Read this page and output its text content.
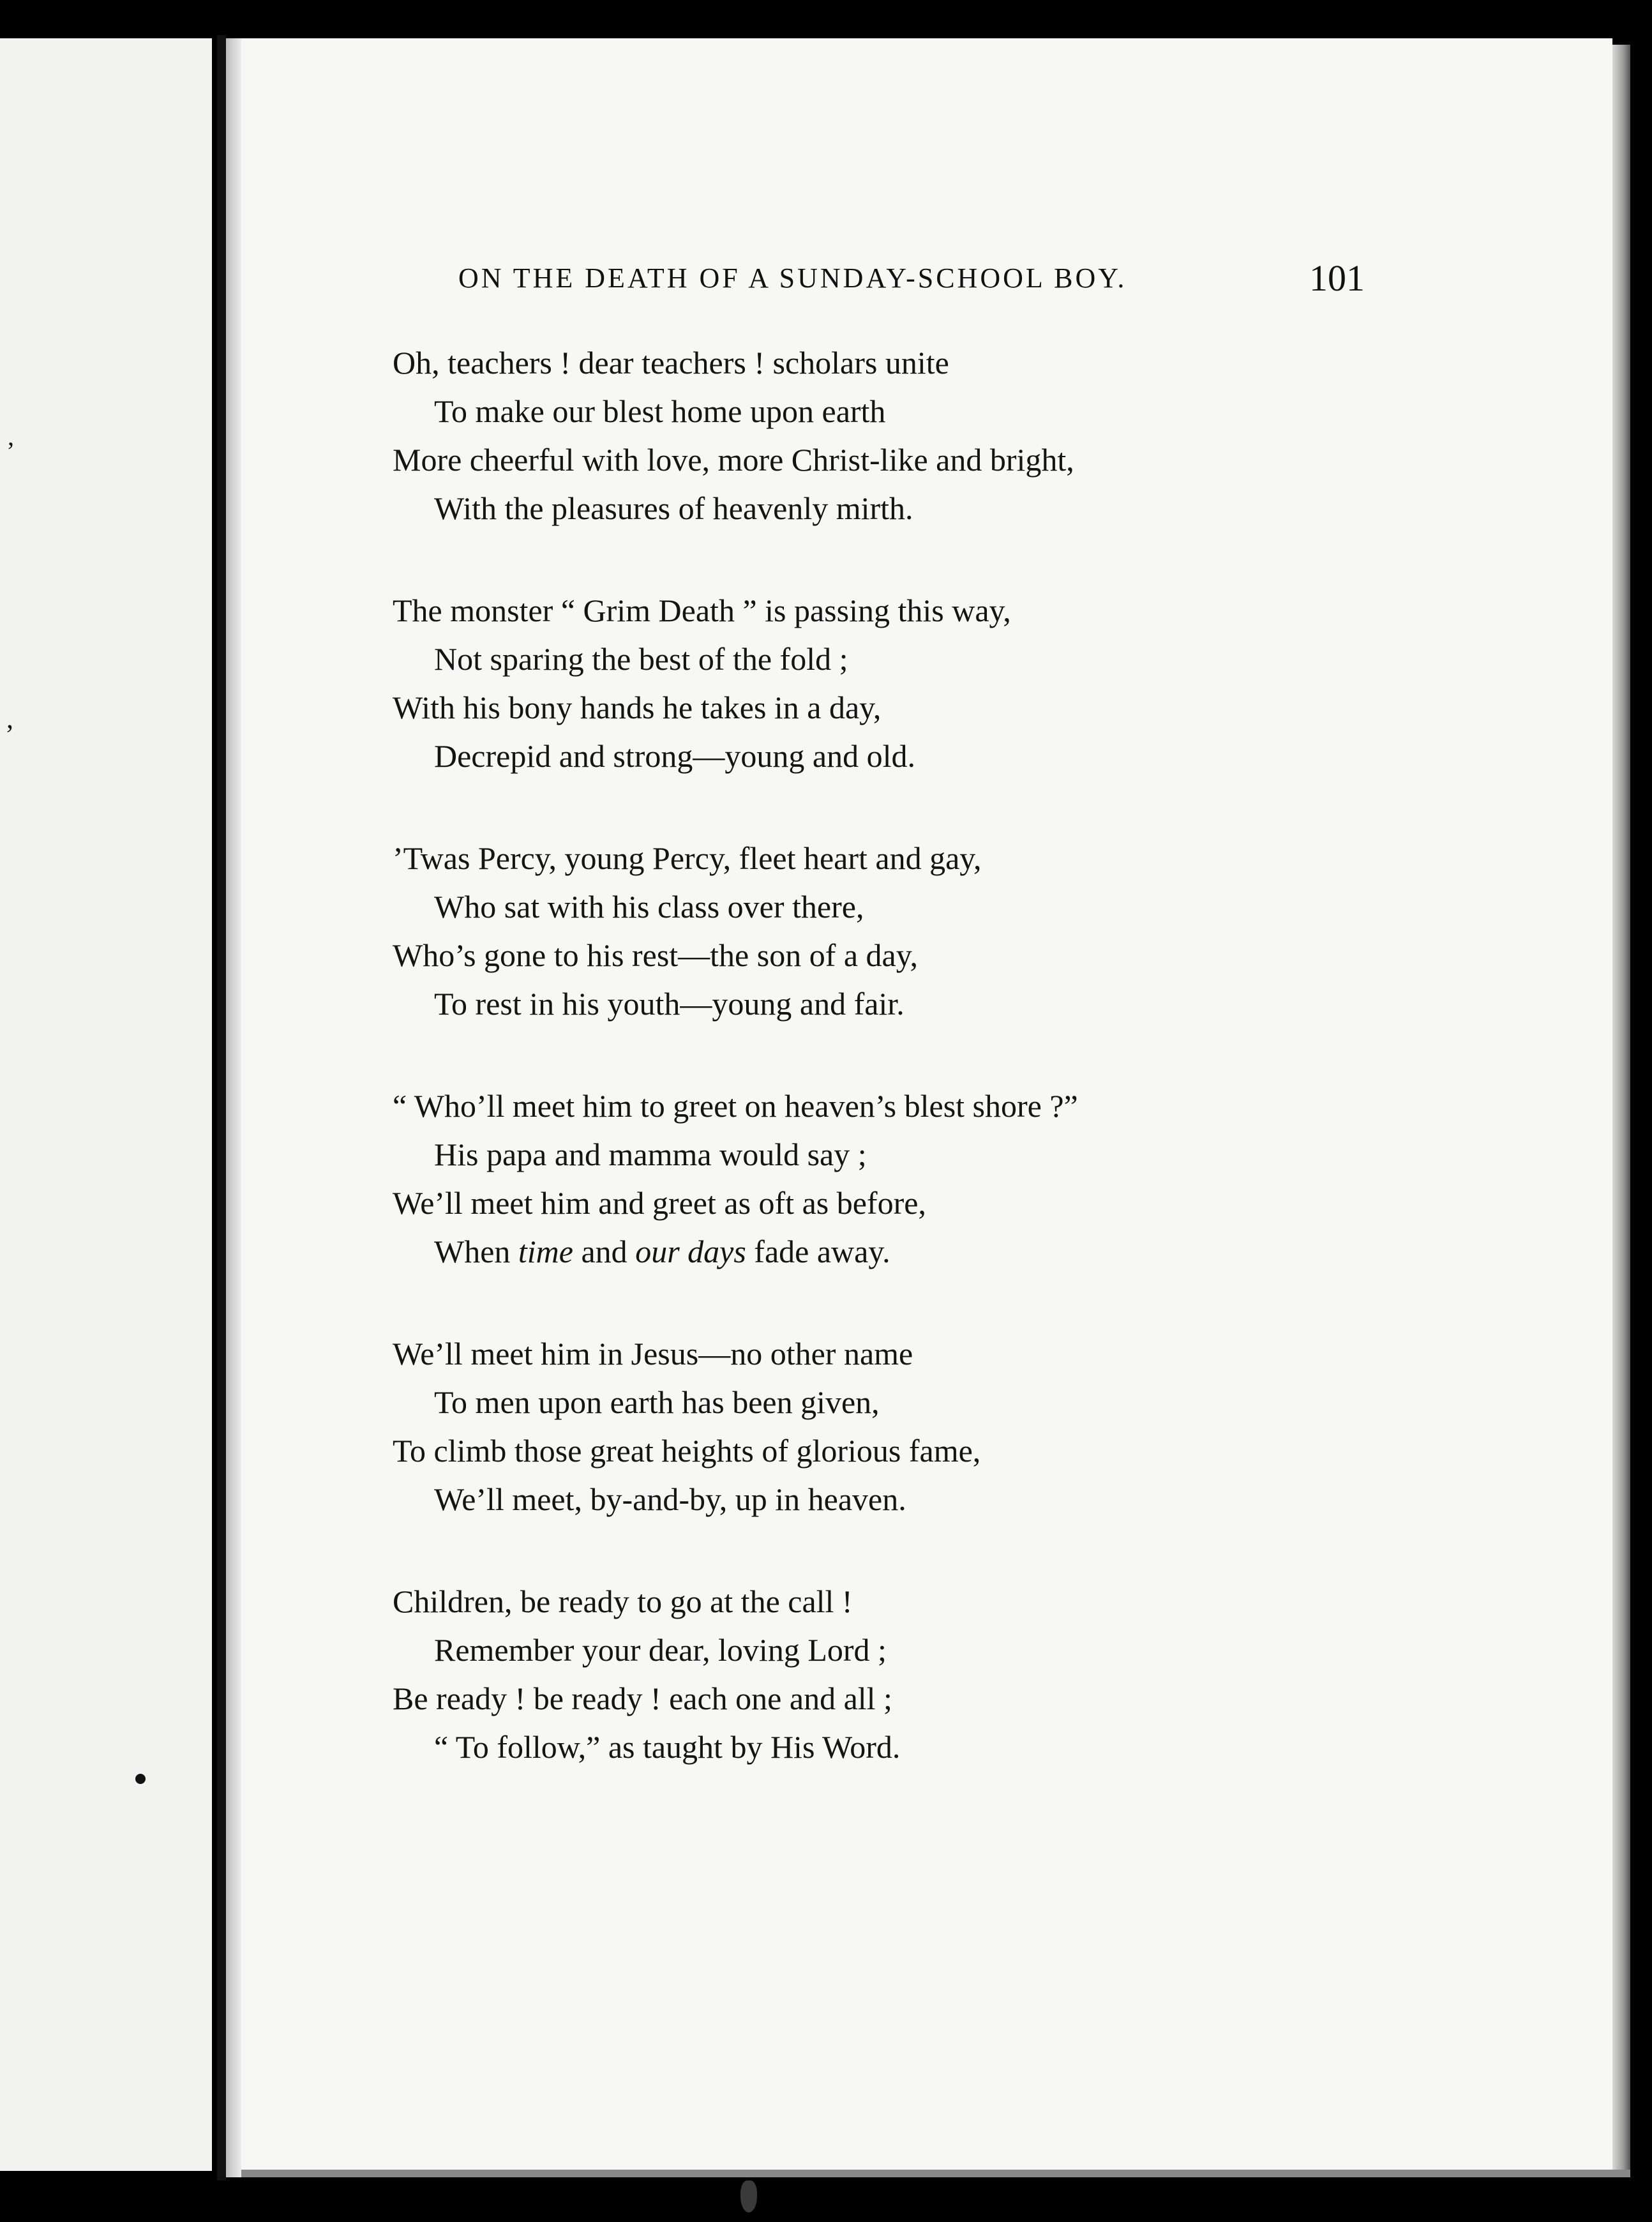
,
,
ON THE DEATH OF A SUNDAY-SCHOOL BOY.	101
Oh, teachers ! dear teachers ! scholars unite
To make our blest home upon earth
More cheerful with love, more Christ-like and bright,
With the pleasures of heavenly mirth.
The monster “ Grim Death ” is passing this way,
Not sparing the best of the fold ;
With his bony hands he takes in a day,
Decrepid and strong—young and old.
’Twas Percy, young Percy, fleet heart and gay,
Who sat with his class over there,
Who’s gone to his rest—the son of a day,
To rest in his youth—young and fair.
“ Who’ll meet him to greet on heaven’s blest shore ?”
His papa and mamma would say ;
We’ll meet him and greet as oft as before,
When time and our days fade away.
We’ll meet him in Jesus—no other name
To men upon earth has been given,
To climb those great heights of glorious fame,
We’ll meet, by-and-by, up in heaven.
Children, be ready to go at the call !
Remember your dear, loving Lord ;
Be ready ! be ready ! each one and all ;
“ To follow,” as taught by His Word.
